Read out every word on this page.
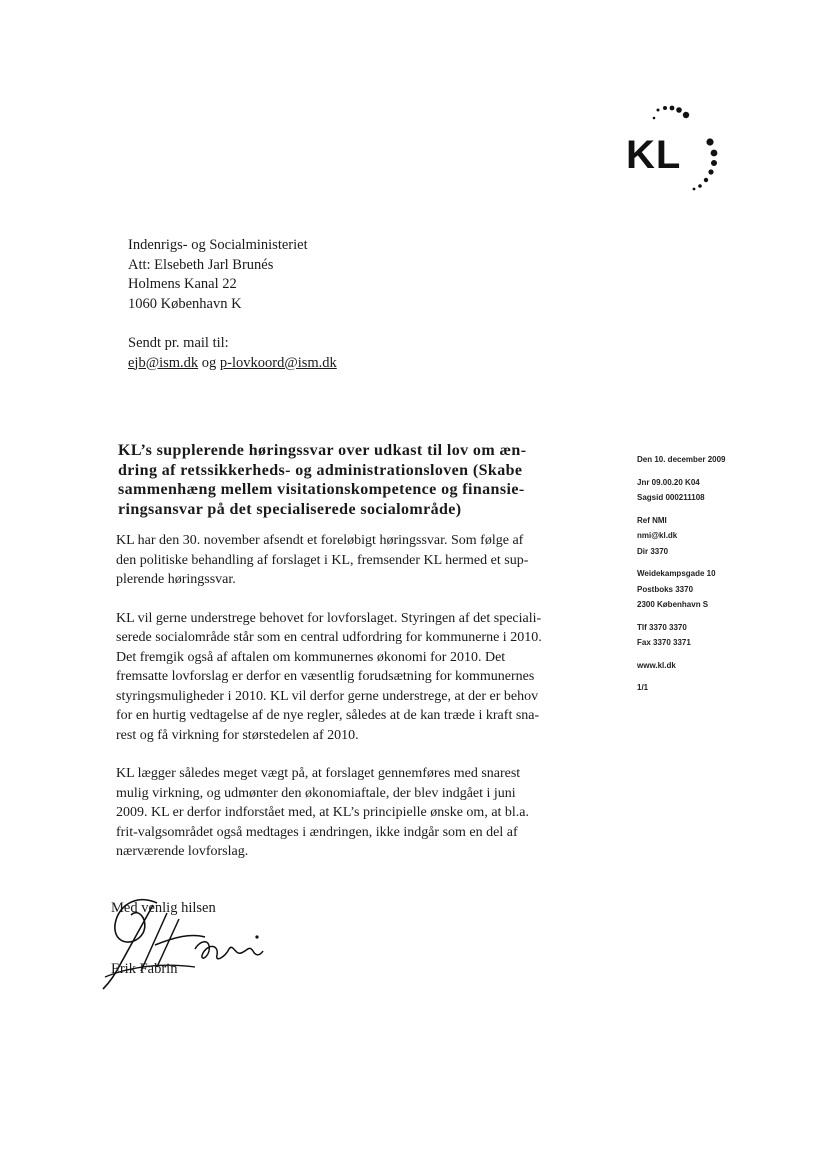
KL
Indenrigs- og Socialministeriet
Att: Elsebeth Jarl Brunés
Holmens Kanal 22
1060 København K
Sendt pr. mail til:
ejb@ism.dk og p-lovkoord@ism.dk
KL’s supplerende høringssvar over udkast til lov om æn-
dring af retssikkerheds- og administrationsloven (Skabe
sammenhæng mellem visitationskompetence og finansie-
ringsansvar på det specialiserede socialområde)
KL har den 30. november afsendt et foreløbigt høringssvar. Som følge af
den politiske behandling af forslaget i KL, fremsender KL hermed et sup-
plerende høringssvar.
KL vil gerne understrege behovet for lovforslaget. Styringen af det speciali-
serede socialområde står som en central udfordring for kommunerne i 2010.
Det fremgik også af aftalen om kommunernes økonomi for 2010. Det
fremsatte lovforslag er derfor en væsentlig forudsætning for kommunernes
styringsmuligheder i 2010. KL vil derfor gerne understrege, at der er behov
for en hurtig vedtagelse af de nye regler, således at de kan træde i kraft sna-
rest og få virkning for størstedelen af 2010.
KL lægger således meget vægt på, at forslaget gennemføres med snarest
mulig virkning, og udmønter den økonomiaftale, der blev indgået i juni
2009. KL er derfor indforstået med, at KL’s principielle ønske om, at bl.a.
frit-valgsområdet også medtages i ændringen, ikke indgår som en del af
nærværende lovforslag.
Den 10. december 2009
Jnr 09.00.20 K04
Sagsid 000211108
Ref NMI
nmi@kl.dk
Dir 3370
Weidekampsgade 10
Postboks 3370
2300 København S
Tlf 3370 3370
Fax 3370 3371
www.kl.dk
1/1
Med venlig hilsen
Erik Fabrin
